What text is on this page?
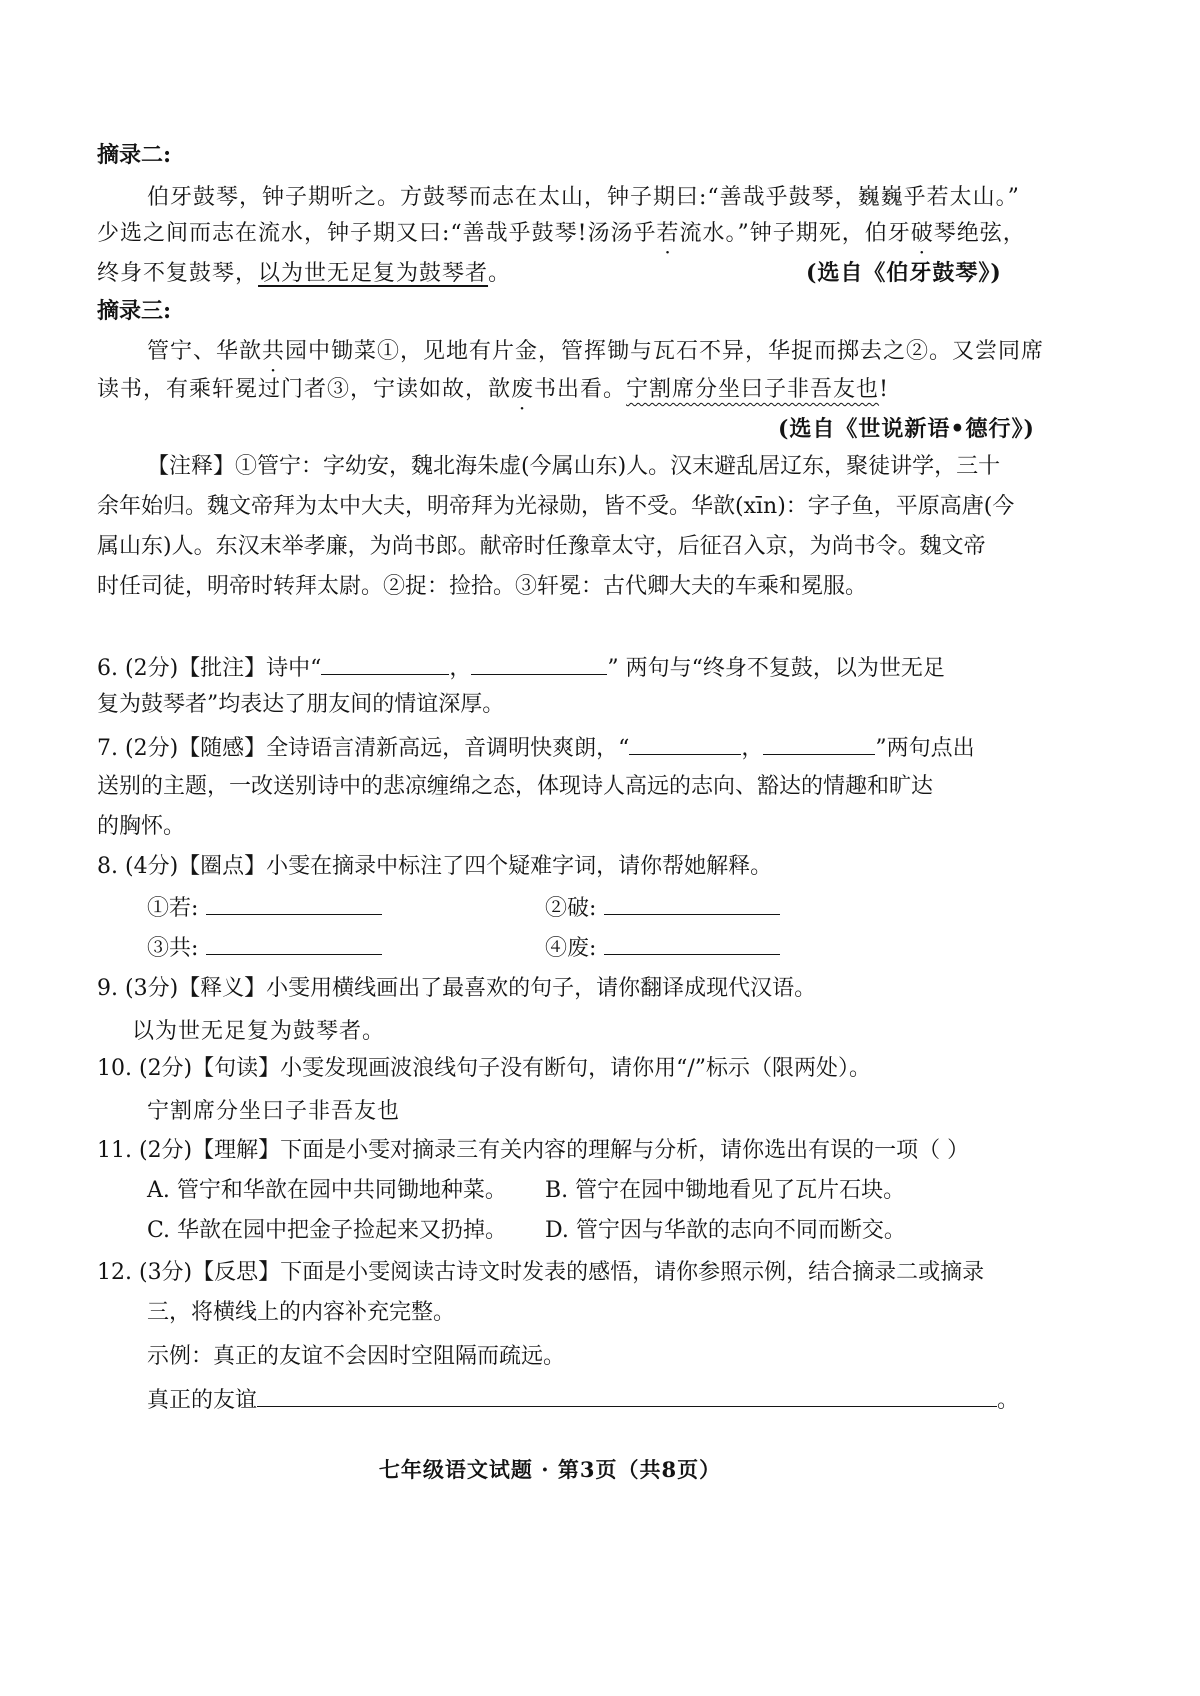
摘录二:
伯牙鼓琴，钟子期听之。方鼓琴而志在太山，钟子期曰:“善哉乎鼓琴，巍巍乎若太山。”
少选之间而志在流水，钟子期又曰:“善哉乎鼓琴!汤汤乎若流水。”钟子期死，伯牙破琴绝弦，
终身不复鼓琴，以为世无足复为鼓琴者。	(选自《伯牙鼓琴》)
摘录三:
管宁、华歆共园中锄菜①，见地有片金，管挥锄与瓦石不异，华捉而掷去之②。又尝同席
读书，有乘轩冕过门者③，宁读如故，歆废书出看。宁割席分坐曰子非吾友也!
(选自《世说新语•德行》)
【注释】①管宁：字幼安，魏北海朱虚(今属山东)人。汉末避乱居辽东，聚徒讲学，三十
余年始归。魏文帝拜为太中大夫，明帝拜为光禄勋，皆不受。华歆(xīn)：字子鱼，平原高唐(今
属山东)人。东汉末举孝廉，为尚书郎。献帝时任豫章太守，后征召入京，为尚书令。魏文帝
时任司徒，明帝时转拜太尉。②捉：捡拾。③轩冕：古代卿大夫的车乘和冕服。
6. (2分)【批注】诗中“	，	” 两句与“终身不复鼓，以为世无足
复为鼓琴者”均表达了朋友间的情谊深厚。
7. (2分)【随感】全诗语言清新高远，音调明快爽朗，“	，	”两句点出
送别的主题，一改送别诗中的悲凉缠绵之态，体现诗人高远的志向、豁达的情趣和旷达
的胸怀。
8. (4分)【圈点】小雯在摘录中标注了四个疑难字词，请你帮她解释。
①若:	②破:
③共:	④废:
9. (3分)【释义】小雯用横线画出了最喜欢的句子，请你翻译成现代汉语。
以为世无足复为鼓琴者。
10. (2分)【句读】小雯发现画波浪线句子没有断句，请你用“/”标示（限两处）。
宁割席分坐曰子非吾友也
11. (2分)【理解】下面是小雯对摘录三有关内容的理解与分析，请你选出有误的一项（ ）
A. 管宁和华歆在园中共同锄地种菜。 B. 管宁在园中锄地看见了瓦片石块。
C. 华歆在园中把金子捡起来又扔掉。 D. 管宁因与华歆的志向不同而断交。
12. (3分)【反思】下面是小雯阅读古诗文时发表的感悟，请你参照示例，结合摘录二或摘录
三，将横线上的内容补充完整。
示例：真正的友谊不会因时空阻隔而疏远。
真正的友谊	。
七年级语文试题 · 第3页（共8页）
